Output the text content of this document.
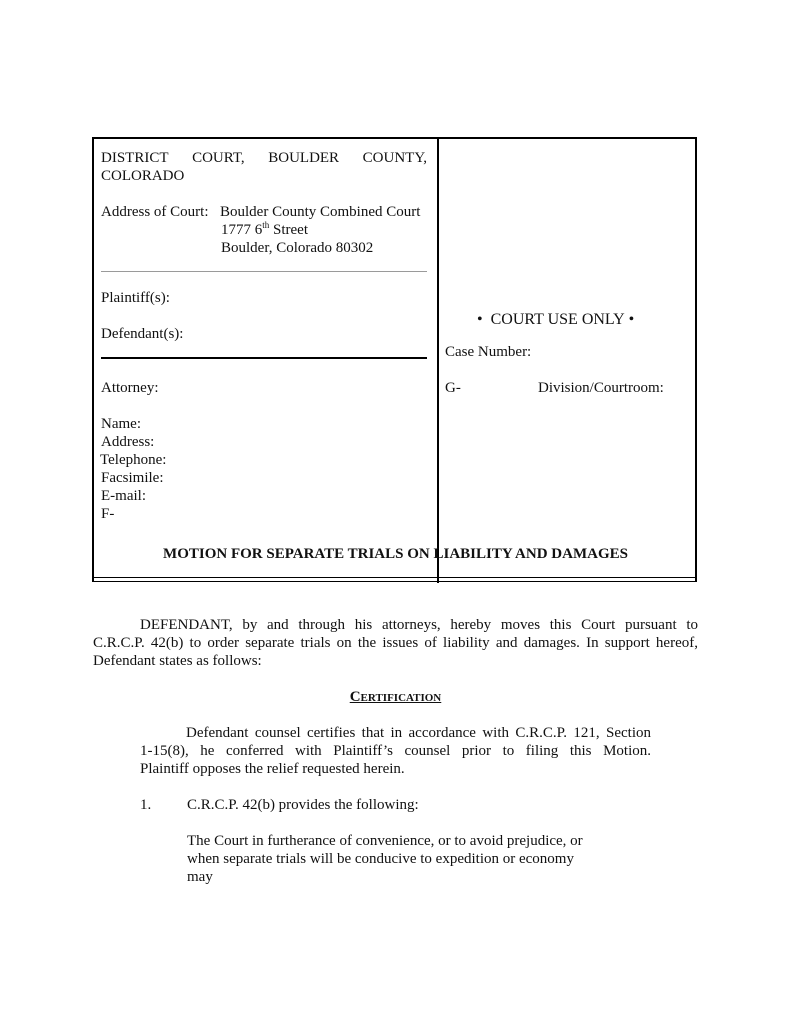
DISTRICT COURT, BOULDER COUNTY,
COLORADO
Address of Court: Boulder County Combined Court
1777 6th Street
Boulder, Colorado 80302
Plaintiff(s):
Defendant(s):
Attorney:
Name:
Address:
Telephone:
Facsimile:
E-mail:
F-
• COURT USE ONLY •
Case Number:
G-	Division/Courtroom:
MOTION FOR SEPARATE TRIALS ON LIABILITY AND DAMAGES
DEFENDANT, by and through his attorneys, hereby moves this Court pursuant to
C.R.C.P. 42(b) to order separate trials on the issues of liability and damages. In support hereof,
Defendant states as follows:
Certification
Defendant counsel certifies that in accordance with C.R.C.P. 121, Section
1-15(8), he conferred with Plaintiff’s counsel prior to filing this Motion.
Plaintiff opposes the relief requested herein.
1. C.R.C.P. 42(b) provides the following:
The Court in furtherance of convenience, or to avoid prejudice, or
when separate trials will be conducive to expedition or economy
may
